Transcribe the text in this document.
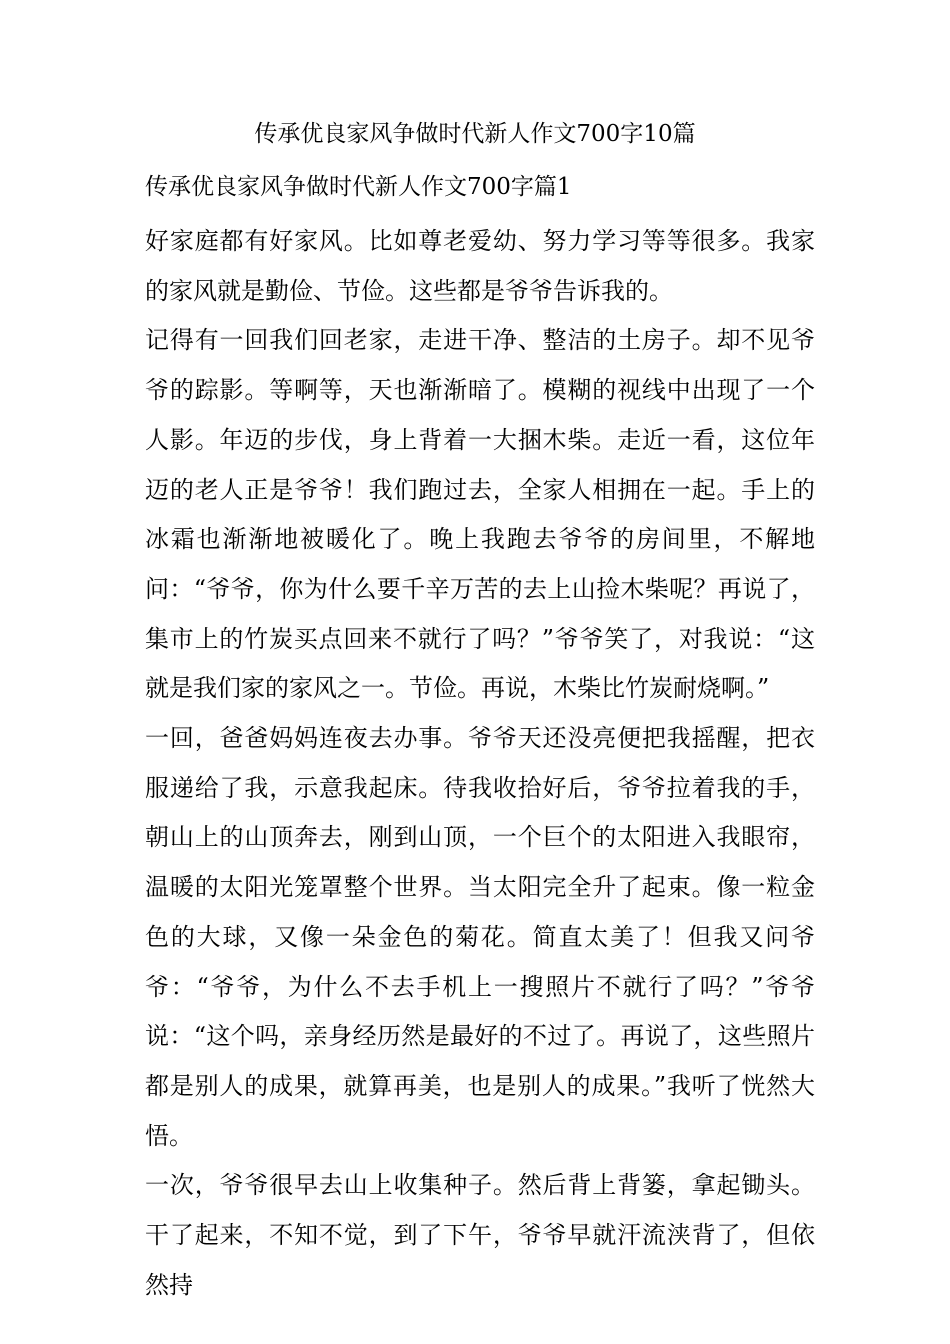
传承优良家风争做时代新人作文700字10篇
传承优良家风争做时代新人作文700字篇1

好家庭都有好家风。比如尊老爱幼、努力学习等等很多。我家的家风就是勤俭、节俭。这些都是爷爷告诉我的。

记得有一回我们回老家，走进干净、整洁的土房子。却不见爷爷的踪影。等啊等，天也渐渐暗了。模糊的视线中出现了一个人影。年迈的步伐，身上背着一大捆木柴。走近一看，这位年迈的老人正是爷爷！我们跑过去，全家人相拥在一起。手上的冰霜也渐渐地被暖化了。晚上我跑去爷爷的房间里，不解地问：“爷爷，你为什么要千辛万苦的去上山捡木柴呢？再说了，集市上的竹炭买点回来不就行了吗？”爷爷笑了，对我说：“这就是我们家的家风之一。节俭。再说，木柴比竹炭耐烧啊。”

一回，爸爸妈妈连夜去办事。爷爷天还没亮便把我摇醒，把衣服递给了我，示意我起床。待我收拾好后，爷爷拉着我的手，朝山上的山顶奔去，刚到山顶，一个巨个的太阳进入我眼帘，温暖的太阳光笼罩整个世界。当太阳完全升了起束。像一粒金色的大球，又像一朵金色的菊花。简直太美了！但我又问爷爷：“爷爷，为什么不去手机上一搜照片不就行了吗？”爷爷说：“这个吗，亲身经历然是最好的不过了。再说了，这些照片都是别人的成果，就算再美，也是别人的成果。”我听了恍然大悟。

一次，爷爷很早去山上收集种子。然后背上背篓，拿起锄头。干了起来，不知不觉，到了下午，爷爷早就汗流浃背了，但依然持
